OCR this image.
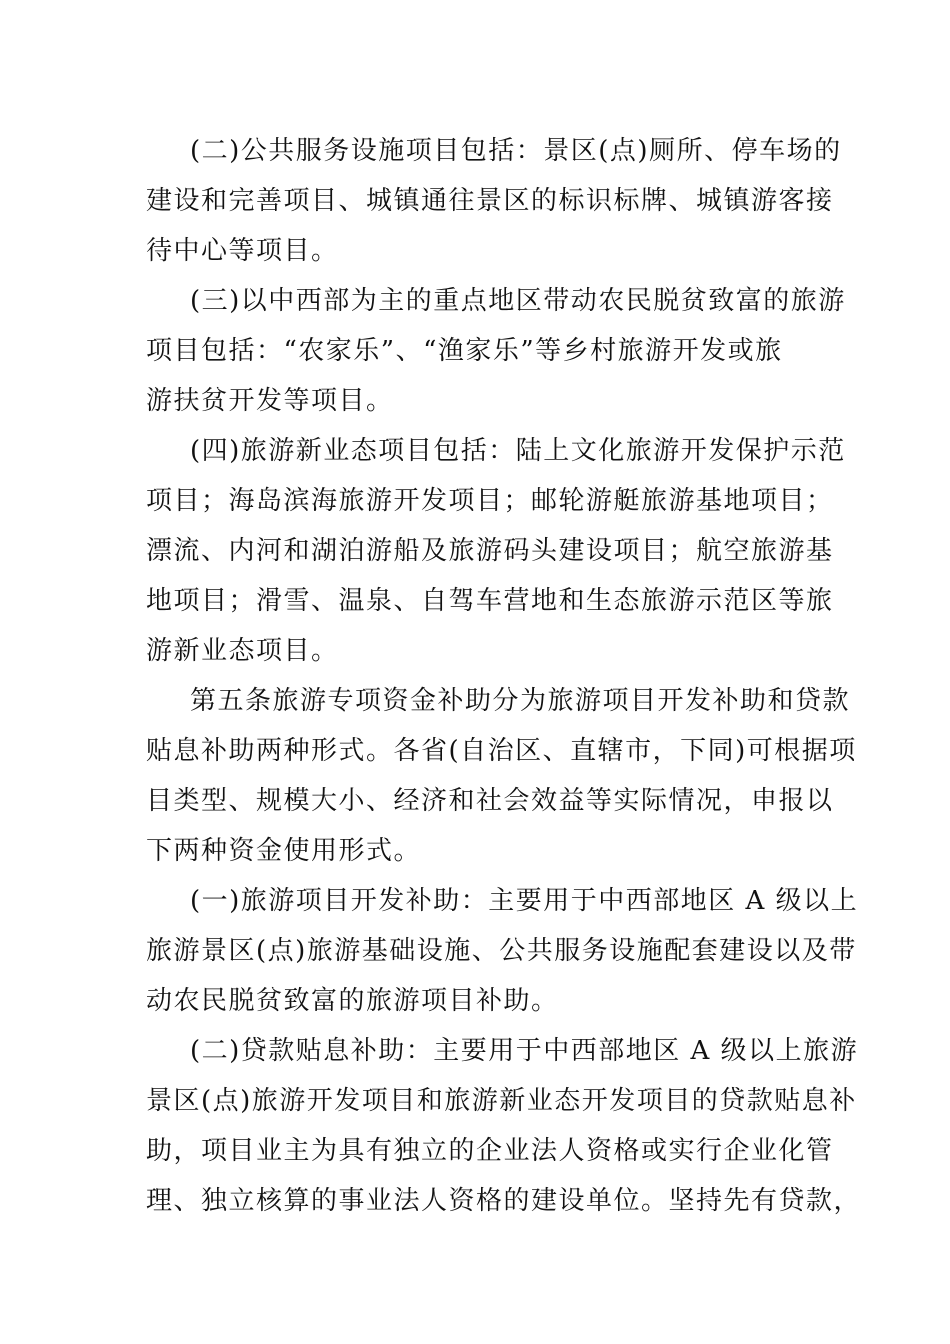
(二)公共服务设施项目包括：景区(点)厕所、停车场的
建设和完善项目、城镇通往景区的标识标牌、城镇游客接
待中心等项目。

(三)以中西部为主的重点地区带动农民脱贫致富的旅游
项目包括：“农家乐”、“渔家乐”等乡村旅游开发或旅
游扶贫开发等项目。

(四)旅游新业态项目包括：陆上文化旅游开发保护示范
项目；海岛滨海旅游开发项目；邮轮游艇旅游基地项目；
漂流、内河和湖泊游船及旅游码头建设项目；航空旅游基
地项目；滑雪、温泉、自驾车营地和生态旅游示范区等旅
游新业态项目。

第五条旅游专项资金补助分为旅游项目开发补助和贷款
贴息补助两种形式。各省(自治区、直辖市，下同)可根据项
目类型、规模大小、经济和社会效益等实际情况，申报以
下两种资金使用形式。

(一)旅游项目开发补助：主要用于中西部地区 A 级以上
旅游景区(点)旅游基础设施、公共服务设施配套建设以及带
动农民脱贫致富的旅游项目补助。

(二)贷款贴息补助：主要用于中西部地区 A 级以上旅游
景区(点)旅游开发项目和旅游新业态开发项目的贷款贴息补
助，项目业主为具有独立的企业法人资格或实行企业化管
理、独立核算的事业法人资格的建设单位。坚持先有贷款，
